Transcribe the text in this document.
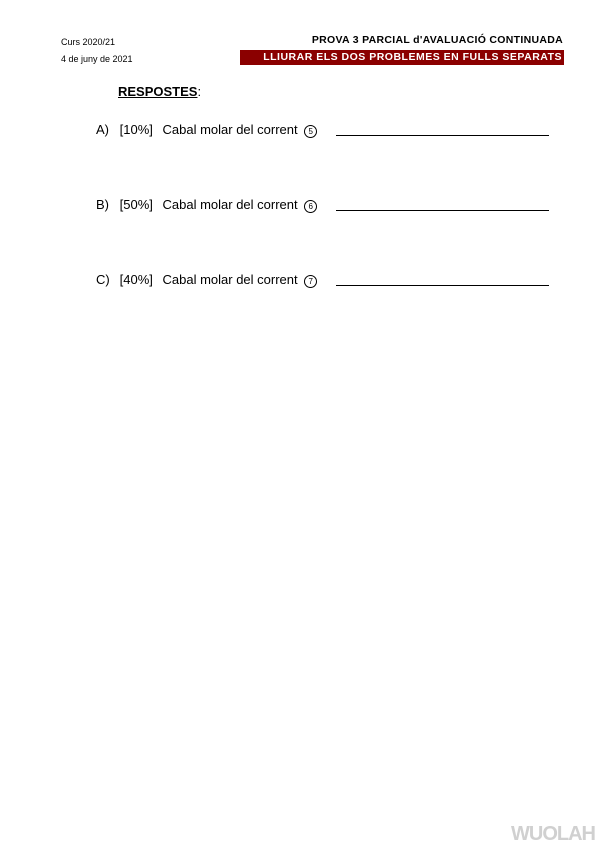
Curs 2020/21
4 de juny de 2021
PROVA 3 PARCIAL d'AVALUACIÓ CONTINUADA
LLIURAR ELS DOS PROBLEMES EN FULLS SEPARATS
RESPOSTES:
A) [10%] Cabal molar del corrent 5
B) [50%] Cabal molar del corrent 6
C) [40%] Cabal molar del corrent 7
WUOLAH
